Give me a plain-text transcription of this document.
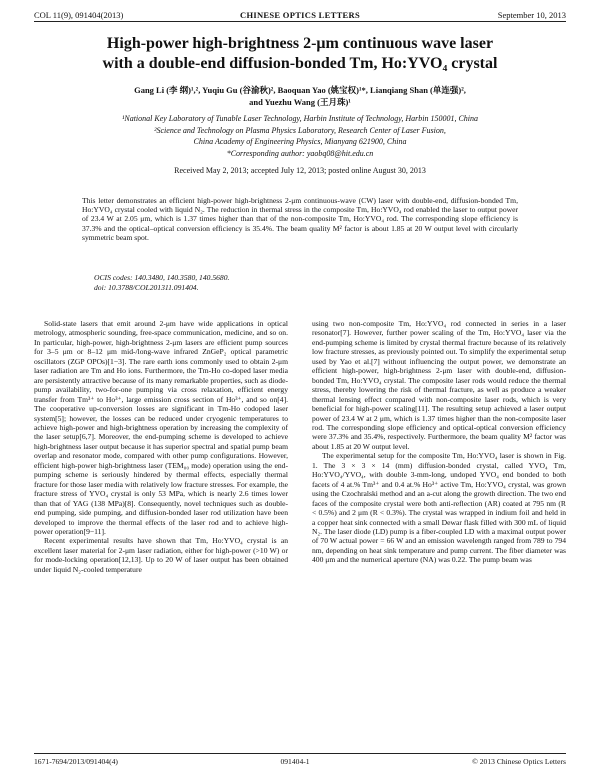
COL 11(9), 091404(2013)	CHINESE OPTICS LETTERS	September 10, 2013
High-power high-brightness 2-μm continuous wave laser
with a double-end diffusion-bonded Tm, Ho:YVO₄ crystal
Gang Li (李 纲)¹,², Yuqiu Gu (谷渝秋)², Baoquan Yao (姚宝权)¹*, Lianqiang Shan (单连强)²,
and Yuezhu Wang (王月珠)¹
¹National Key Laboratory of Tunable Laser Technology, Harbin Institute of Technology, Harbin 150001, China
²Science and Technology on Plasma Physics Laboratory, Research Center of Laser Fusion,
China Academy of Engineering Physics, Mianyang 621900, China
*Corresponding author: yaobq08@hit.edu.cn
Received May 2, 2013; accepted July 12, 2013; posted online August 30, 2013
This letter demonstrates an efficient high-power high-brightness 2-μm continuous-wave (CW) laser with double-end, diffusion-bonded Tm, Ho:YVO₄ crystal cooled with liquid N₂. The reduction in thermal stress in the composite Tm, Ho:YVO₄ rod enabled the laser to output power of 23.4 W at 2.05 μm, which is 1.37 times higher than that of the non-composite Tm, Ho:YVO₄ rod. The corresponding slope efficiency is 37.3% and the optical–optical conversion efficiency is 35.4%. The beam quality M² factor is about 1.85 at 20 W output level with circularly symmetric beam spot.
OCIS codes: 140.3480, 140.3580, 140.5680.
doi: 10.3788/COL201311.091404.

Solid-state lasers that emit around 2-μm have wide applications in optical metrology, atmospheric sounding, free-space communication, medicine, and so on. In particular, high-power, high-brightness 2-μm lasers are efficient pump sources for 3–5 μm or 8–12 μm mid-/long-wave infrared ZnGeP₂ optical parametric oscillators (ZGP OPOs)[1−3]. The rare earth ions commonly used to obtain 2-μm laser radiation are Tm and Ho ions. Furthermore, the Tm-Ho co-doped laser media are persistently attractive because of its many remarkable properties, such as diode-pump availability, two-for-one pumping via cross relaxation, efficient energy transfer from Tm³⁺ to Ho³⁺, large emission cross section of Ho³⁺, and so on[4]. The cooperative up-conversion losses are significant in Tm-Ho codoped laser system[5]; however, the losses can be reduced under cryogenic temperatures to achieve high-power and high-brightness operation by increasing the complexity of the laser setup[6,7]. Moreover, the end-pumping scheme is developed to achieve high-brightness laser output because it has superior spectral and spatial pump beam overlap and resonator mode, compared with other pump configurations. However, efficient high-power high-brightness laser (TEM₀₀ mode) operation using the end-pumping scheme is seriously hindered by thermal effects, especially thermal fracture for those laser media with relatively low fracture stresses. For example, the fracture stress of YVO₄ crystal is only 53 MPa, which is nearly 2.6 times lower than that of YAG (138 MPa)[8]. Consequently, novel techniques such as double-end pumping, side pumping, and diffusion-bonded laser rod utilization have been developed to improve the thermal effects of the laser rod and to achieve high-power operation[9−11].

Recent experimental results have shown that Tm, Ho:YVO₄ crystal is an excellent laser material for 2-μm laser radiation, either for high-power (>10 W) or for mode-locking operation[12,13]. Up to 20 W of laser output has been obtained under liquid N₂-cooled temperature

using two non-composite Tm, Ho:YVO₄ rod connected in series in a laser resonator[7]. However, further power scaling of the Tm, Ho:YVO₄ laser via the end-pumping scheme is limited by crystal thermal fracture because of its relatively low fracture stresses, as previously pointed out. To simplify the experimental setup used by Yao et al.[7] without influencing the output power, we demonstrate an efficient high-power, high-brightness 2-μm laser with double-end, diffusion-bonded Tm, Ho:YVO₄ crystal. The composite laser rods would reduce the thermal stress, thereby lowering the risk of thermal fracture, as well as produce a weaker thermal lensing effect compared with non-composite laser rods, which is very beneficial for high-power scaling[11]. The resulting setup achieved a laser output power of 23.4 W at 2 μm, which is 1.37 times higher than the non-composite laser rod. The corresponding slope efficiency and optical-optical conversion efficiency were 37.3% and 35.4%, respectively. Furthermore, the beam quality M² factor was about 1.85 at 20 W output level.

The experimental setup for the composite Tm, Ho:YVO₄ laser is shown in Fig. 1. The 3 × 3 × 14 (mm) diffusion-bonded crystal, called YVO₄ Tm, Ho:YVO₄/YVO₄, with double 3-mm-long, undoped YVO₄ end bonded to both facets of 4 at.% Tm³⁺ and 0.4 at.% Ho³⁺ active Tm, Ho:YVO₄ crystal, was grown using the Czochralski method and an a-cut along the growth direction. The two end faces of the composite crystal were both anti-reflection (AR) coated at 795 nm (R < 0.5%) and 2 μm (R < 0.3%). The crystal was wrapped in indium foil and held in a copper heat sink connected with a small Dewar flask filled with 300 mL of liquid N₂. The laser diode (LD) pump is a fiber-coupled LD with a maximal output power of 70 W actual power = 66 W and an emission wavelength ranged from 789 to 794 nm, depending on heat sink temperature and pump current. The fiber diameter was 400 μm and the numerical aperture (NA) was 0.22. The pump beam was

1671-7694/2013/091404(4)	091404-1	© 2013 Chinese Optics Letters
